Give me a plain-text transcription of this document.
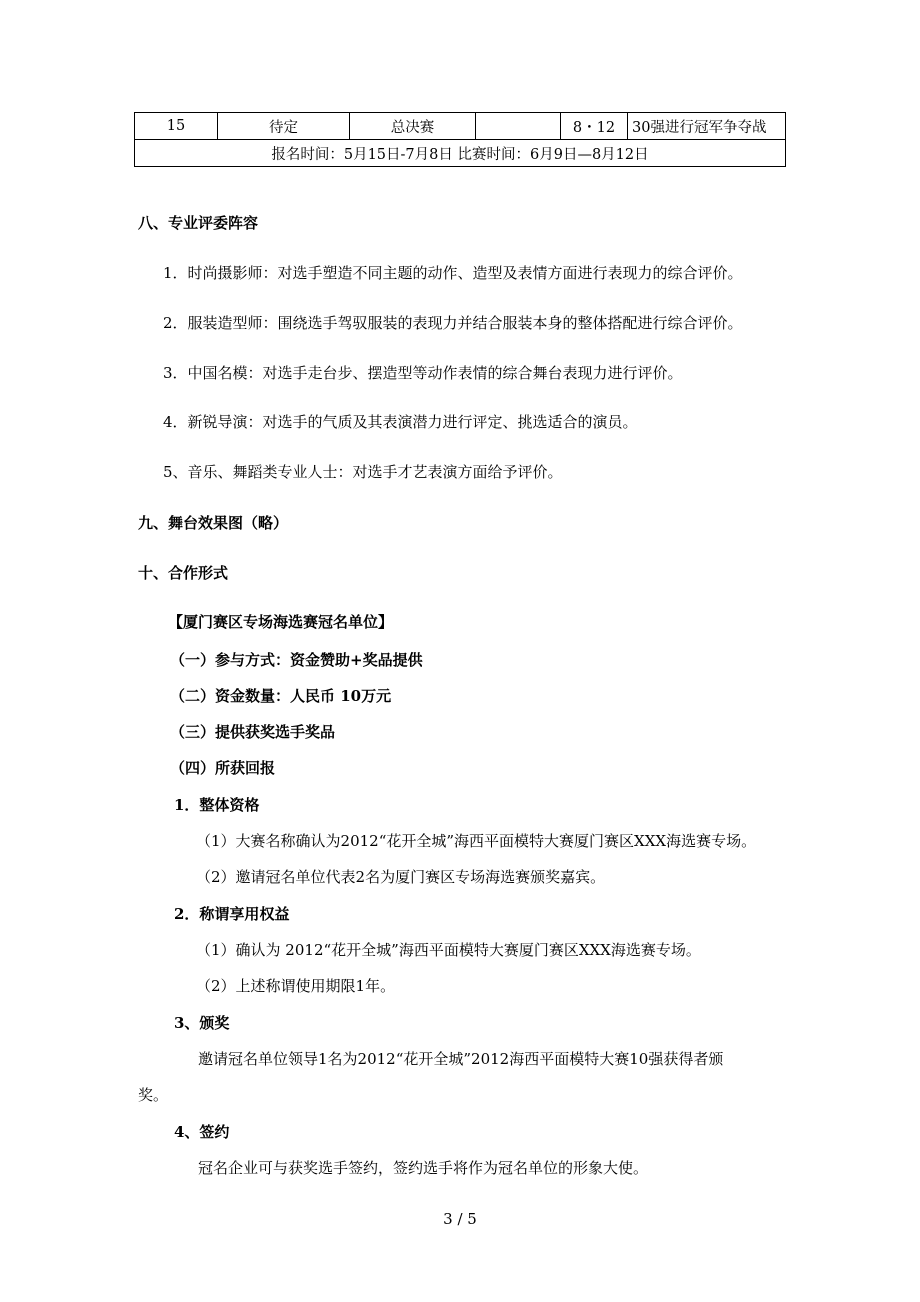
15	待定	总决赛		8・12	30强进行冠军争夺战
报名时间：5月15日-7月8日 比赛时间：6月9日—8月12日
八、专业评委阵容
1．时尚摄影师：对选手塑造不同主题的动作、造型及表情方面进行表现力的综合评价。
2．服装造型师：围绕选手驾驭服装的表现力并结合服装本身的整体搭配进行综合评价。
3．中国名模：对选手走台步、摆造型等动作表情的综合舞台表现力进行评价。
4．新锐导演：对选手的气质及其表演潜力进行评定、挑选适合的演员。
5、音乐、舞蹈类专业人士：对选手才艺表演方面给予评价。
九、舞台效果图（略）
十、合作形式
【厦门赛区专场海选赛冠名单位】
（一）参与方式：资金赞助+奖品提供
（二）资金数量：人民币 10万元
（三）提供获奖选手奖品
（四）所获回报
1．整体资格
（1）大赛名称确认为2012“花开全城”海西平面模特大赛厦门赛区XXX海选赛专场。
（2）邀请冠名单位代表2名为厦门赛区专场海选赛颁奖嘉宾。
2．称谓享用权益
（1）确认为 2012“花开全城”海西平面模特大赛厦门赛区XXX海选赛专场。
（2）上述称谓使用期限1年。
3、颁奖
邀请冠名单位领导1名为2012“花开全城”2012海西平面模特大赛10强获得者颁
奖。
4、签约
冠名企业可与获奖选手签约，签约选手将作为冠名单位的形象大使。
3 / 5
